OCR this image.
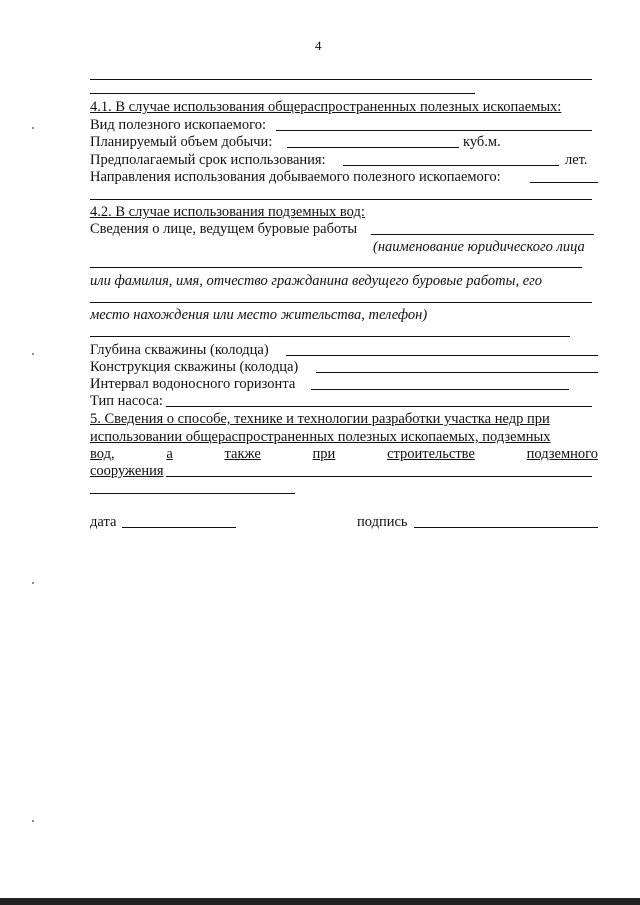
4
4.1. В случае использования общераспространенных полезных ископаемых:
Вид полезного ископаемого:
Планируемый объем добычи:	куб.м.
Предполагаемый срок использования:	лет.
Направления использования добываемого полезного ископаемого:
4.2. В случае использования подземных вод:
Сведения о лице, ведущем буровые работы
(наименование юридического лица
или фамилия, имя, отчество гражданина ведущего буровые работы, его
место нахождения или место жительства, телефон)
Глубина скважины (колодца)
Конструкция скважины (колодца)
Интервал водоносного горизонта
Тип насоса:
5. Сведения о способе, технике и технологии разработки участка недр при
использовании общераспространенных полезных ископаемых, подземных
вод,	а	также	при	строительстве	подземного
сооружения
дата	подпись
